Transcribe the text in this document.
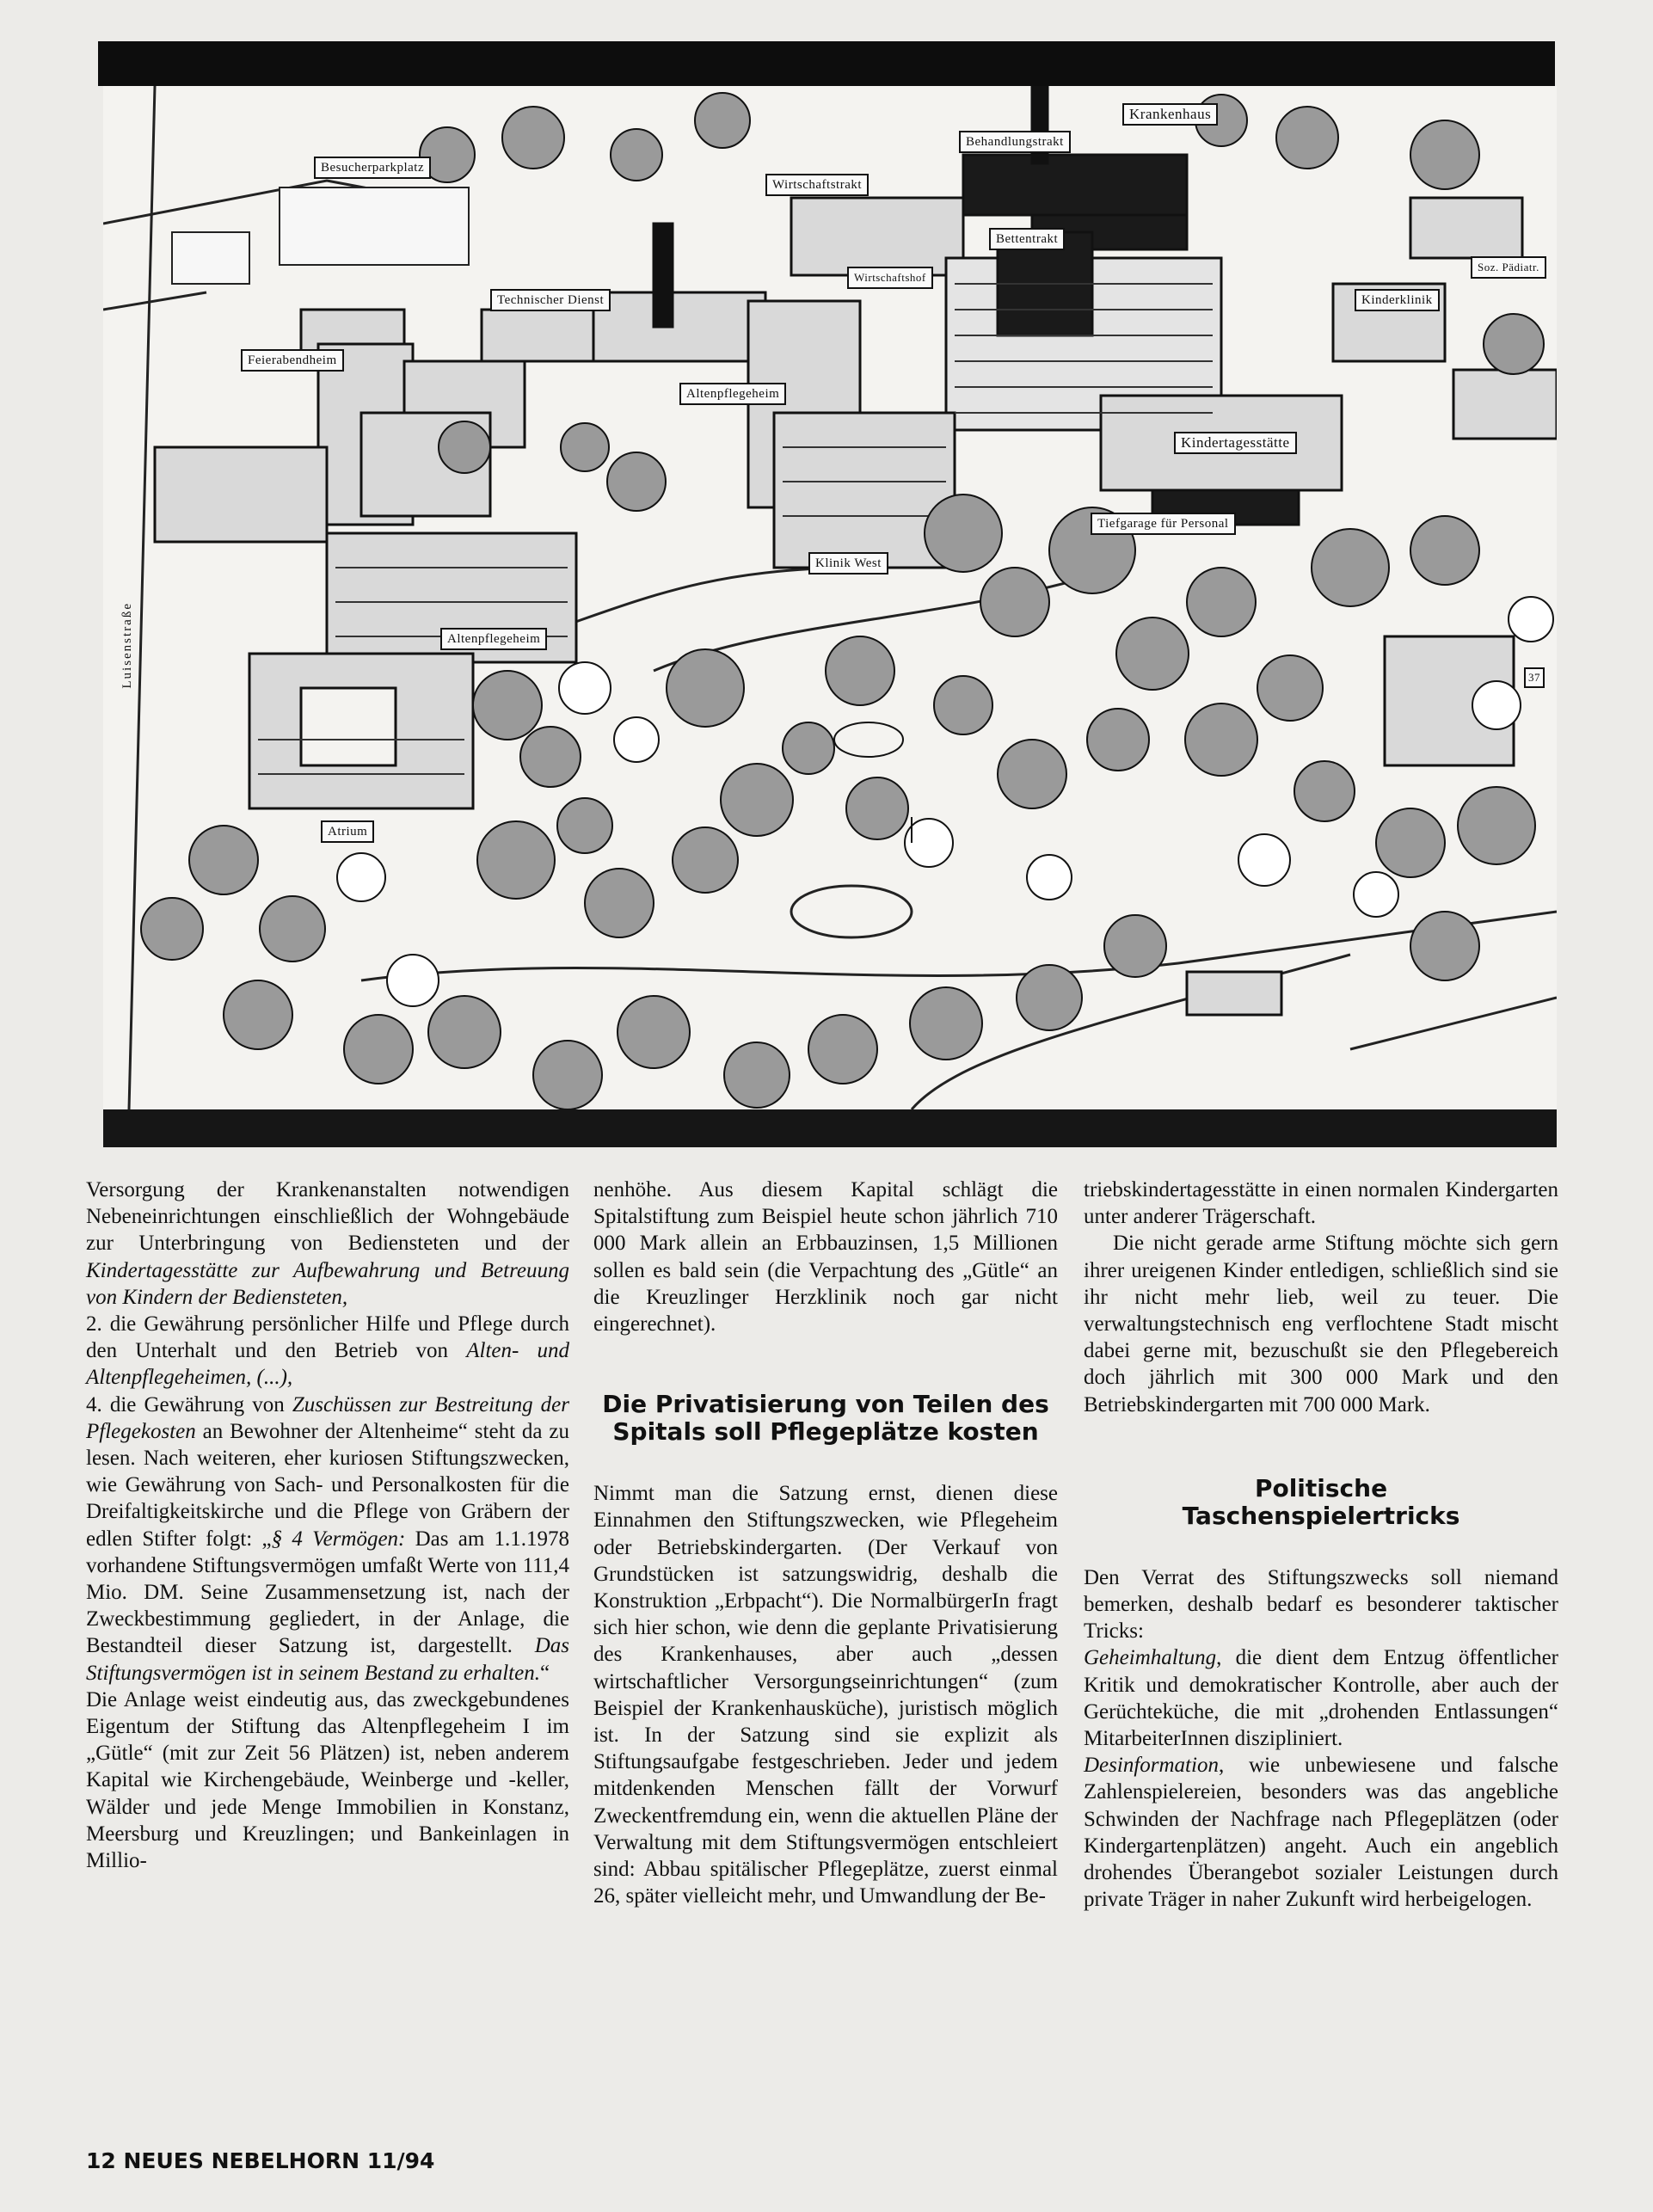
Krankenhaus
Behandlungstrakt
Besucherparkplatz
Wirtschaftstrakt
Bettentrakt
Wirtschaftshof
Soz. Pädiatr.
Kinderklinik
Technischer Dienst
Feierabendheim
Altenpflegeheim
Kindertagesstätte
Tiefgarage für Personal
Klinik West
Altenpflegeheim
Atrium
37
Luisenstraße

Versorgung der Krankenanstalten notwendigen Nebeneinrichtungen einschließlich der Wohngebäude zur Unterbringung von Bediensteten und der Kindertagesstätte zur Aufbewahrung und Betreuung von Kindern der Bediensteten,

2. die Gewährung persönlicher Hilfe und Pflege durch den Unterhalt und den Betrieb von Alten- und Altenpflegeheimen, (...),

4. die Gewährung von Zuschüssen zur Bestreitung der Pflegekosten an Bewohner der Altenheime“ steht da zu lesen. Nach weiteren, eher kuriosen Stiftungszwecken, wie Gewährung von Sach- und Personalkosten für die Dreifaltigkeitskirche und die Pflege von Gräbern der edlen Stifter folgt: „§ 4 Vermögen: Das am 1.1.1978 vorhandene Stiftungsvermögen umfaßt Werte von 111,4 Mio. DM. Seine Zusammensetzung ist, nach der Zweckbestimmung gegliedert, in der Anlage, die Bestandteil dieser Satzung ist, dargestellt. Das Stiftungsvermögen ist in seinem Bestand zu erhalten.“

Die Anlage weist eindeutig aus, das zweckgebundenes Eigentum der Stiftung das Altenpflegeheim I im „Gütle“ (mit zur Zeit 56 Plätzen) ist, neben anderem Kapital wie Kirchengebäude, Weinberge und -keller, Wälder und jede Menge Immobilien in Konstanz, Meersburg und Kreuzlingen; und Bankeinlagen in Millio-

nenhöhe. Aus diesem Kapital schlägt die Spitalstiftung zum Beispiel heute schon jährlich 710 000 Mark allein an Erbbauzinsen, 1,5 Millionen sollen es bald sein (die Verpachtung des „Gütle“ an die Kreuzlinger Herzklinik noch gar nicht eingerechnet).

Die Privatisierung von Teilen des Spitals soll Pflegeplätze kosten

Nimmt man die Satzung ernst, dienen diese Einnahmen den Stiftungszwecken, wie Pflegeheim oder Betriebskindergarten. (Der Verkauf von Grundstücken ist satzungswidrig, deshalb die Konstruktion „Erbpacht“). Die NormalbürgerIn fragt sich hier schon, wie denn die geplante Privatisierung des Krankenhauses, aber auch „dessen wirtschaftlicher Versorgungseinrichtungen“ (zum Beispiel der Krankenhausküche), juristisch möglich ist. In der Satzung sind sie explizit als Stiftungsaufgabe festgeschrieben. Jeder und jedem mitdenkenden Menschen fällt der Vorwurf Zweckentfremdung ein, wenn die aktuellen Pläne der Verwaltung mit dem Stiftungsvermögen entschleiert sind: Abbau spitälischer Pflegeplätze, zuerst einmal 26, später vielleicht mehr, und Umwandlung der Be-

triebskindertagesstätte in einen normalen Kindergarten unter anderer Trägerschaft.

Die nicht gerade arme Stiftung möchte sich gern ihrer ureigenen Kinder entledigen, schließlich sind sie ihr nicht mehr lieb, weil zu teuer. Die verwaltungstechnisch eng verflochtene Stadt mischt dabei gerne mit, bezuschußt sie den Pflegebereich doch jährlich mit 300 000 Mark und den Betriebskindergarten mit 700 000 Mark.

Politische Taschenspielertricks

Den Verrat des Stiftungszwecks soll niemand bemerken, deshalb bedarf es besonderer taktischer Tricks:

Geheimhaltung, die dient dem Entzug öffentlicher Kritik und demokratischer Kontrolle, aber auch der Gerüchteküche, die mit „drohenden Entlassungen“ MitarbeiterInnen diszipliniert.

Desinformation, wie unbewiesene und falsche Zahlenspielereien, besonders was das angebliche Schwinden der Nachfrage nach Pflegeplätzen (oder Kindergartenplätzen) angeht. Auch ein angeblich drohendes Überangebot sozialer Leistungen durch private Träger in naher Zukunft wird herbeigelogen.

12 NEUES NEBELHORN 11/94
